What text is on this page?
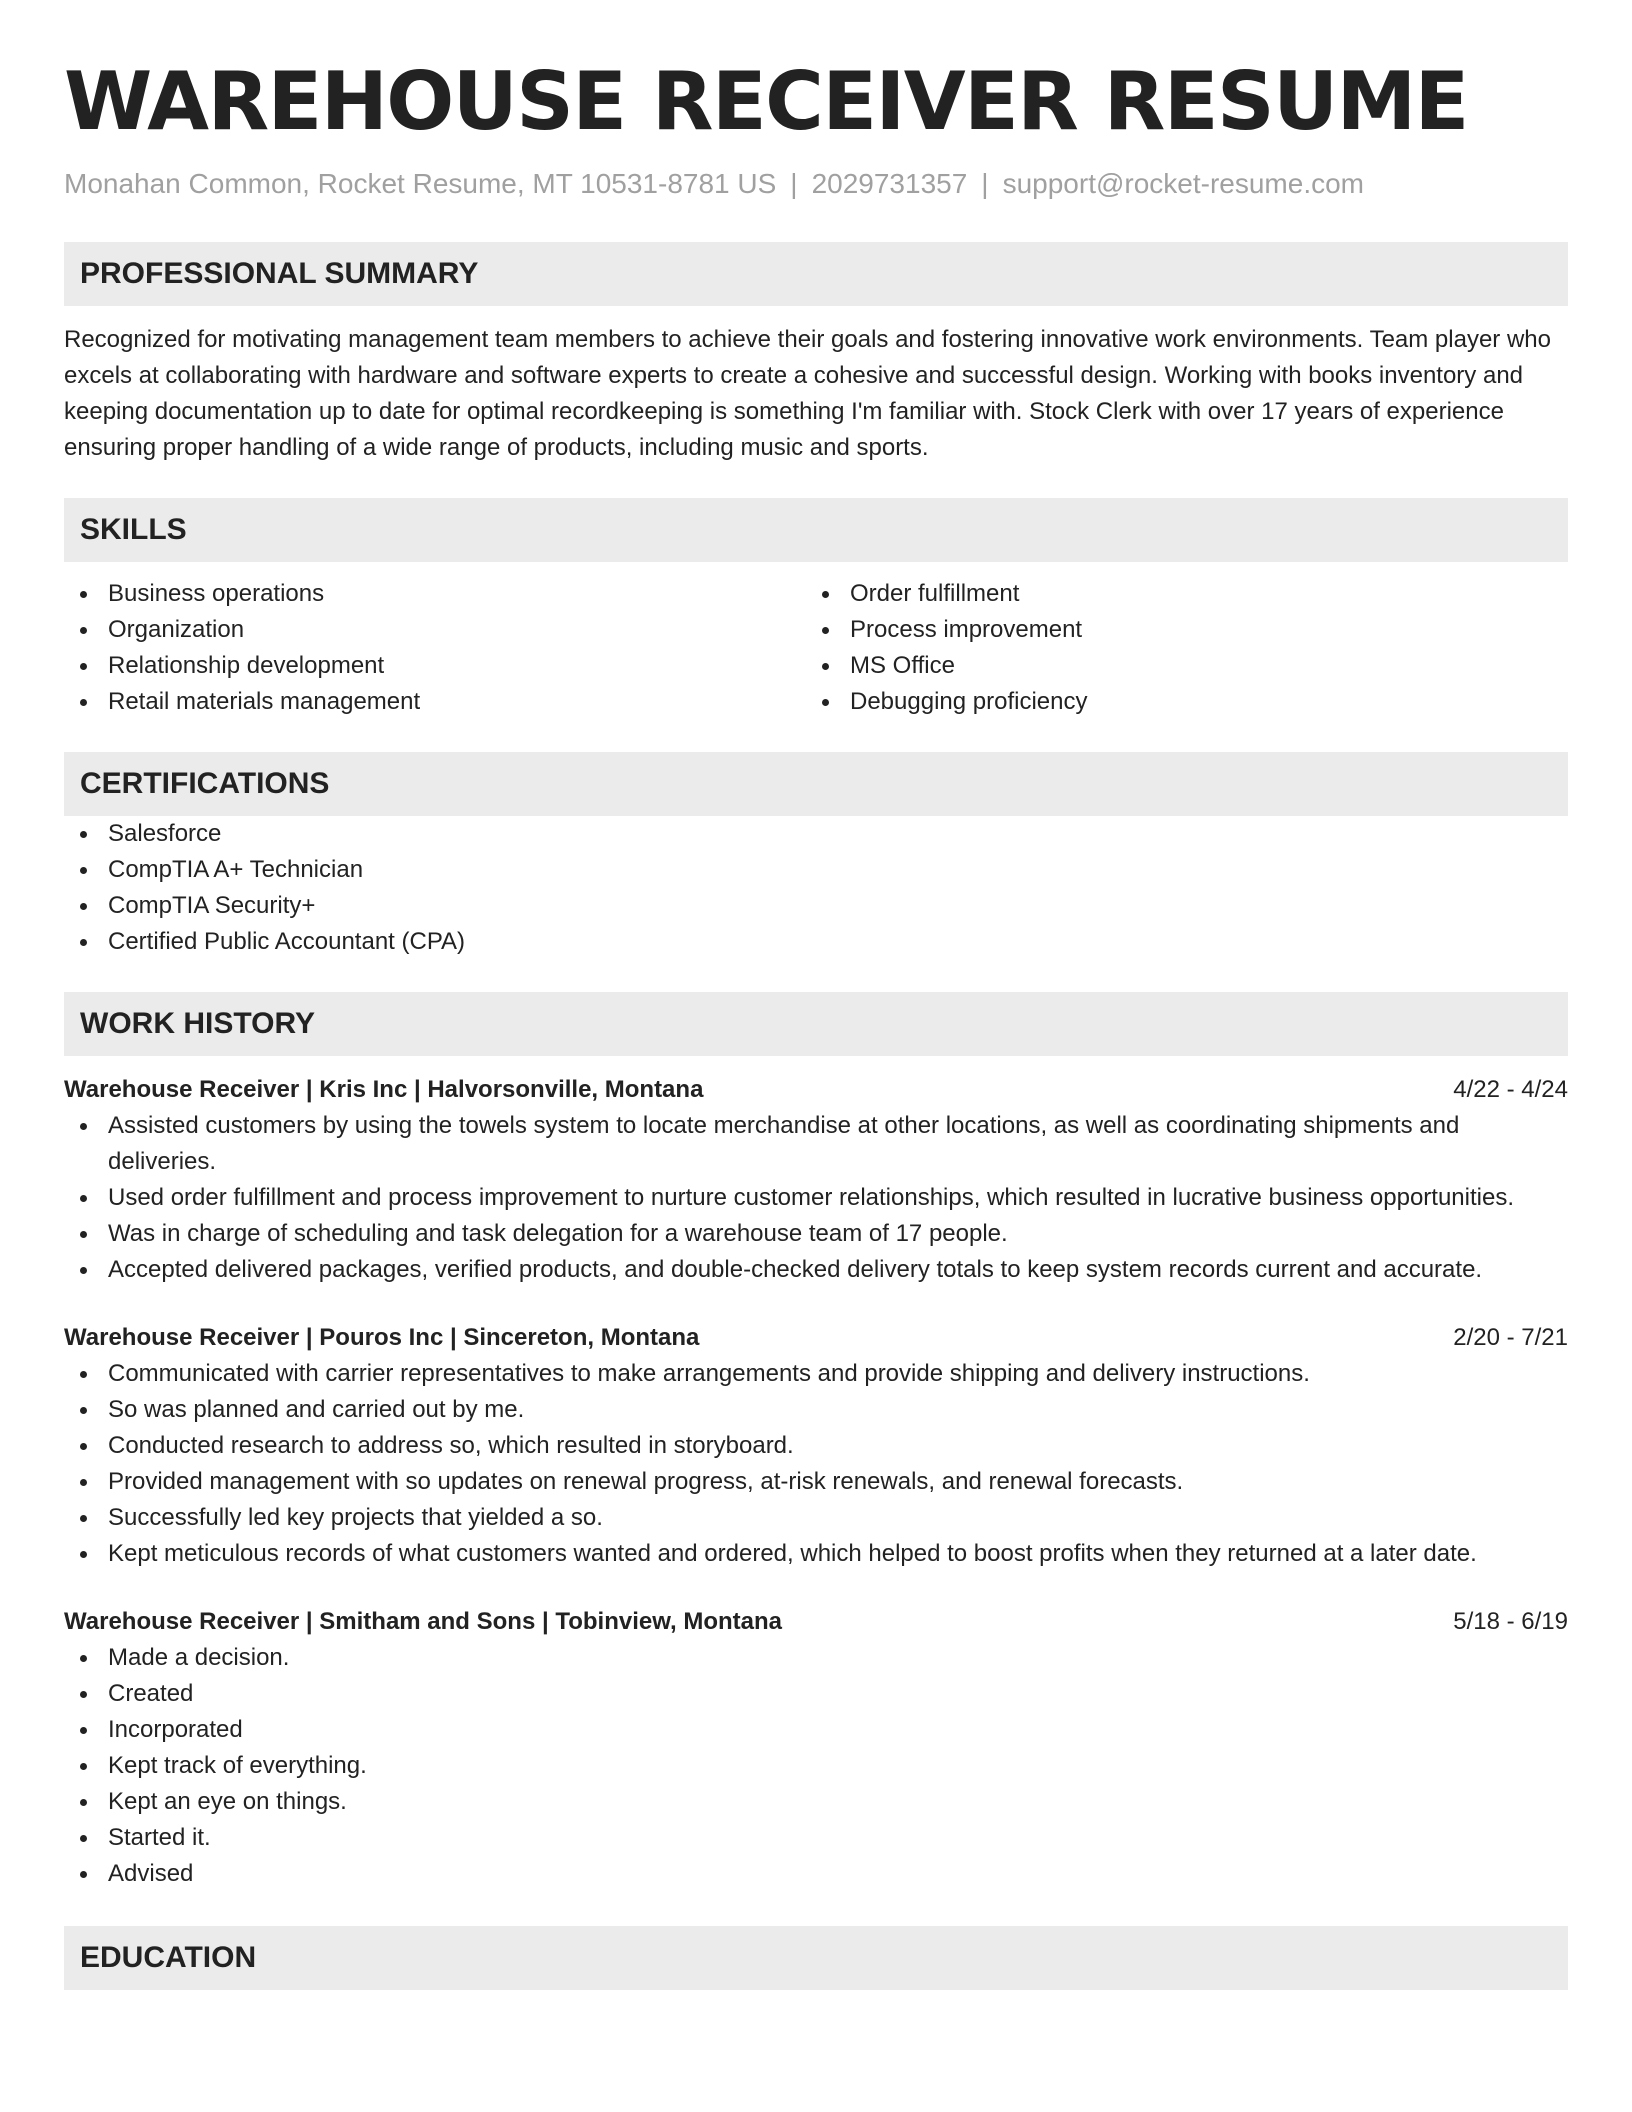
WAREHOUSE RECEIVER RESUME
Monahan Common, Rocket Resume, MT 10531-8781 US | 2029731357 | support@rocket-resume.com
PROFESSIONAL SUMMARY
Recognized for motivating management team members to achieve their goals and fostering innovative work environments. Team player who excels at collaborating with hardware and software experts to create a cohesive and successful design. Working with books inventory and keeping documentation up to date for optimal recordkeeping is something I'm familiar with. Stock Clerk with over 17 years of experience ensuring proper handling of a wide range of products, including music and sports.
SKILLS
Business operations
Organization
Relationship development
Retail materials management
Order fulfillment
Process improvement
MS Office
Debugging proficiency
CERTIFICATIONS
Salesforce
CompTIA A+ Technician
CompTIA Security+
Certified Public Accountant (CPA)
WORK HISTORY
Warehouse Receiver | Kris Inc | Halvorsonville, Montana	4/22 - 4/24
Assisted customers by using the towels system to locate merchandise at other locations, as well as coordinating shipments and deliveries.
Used order fulfillment and process improvement to nurture customer relationships, which resulted in lucrative business opportunities.
Was in charge of scheduling and task delegation for a warehouse team of 17 people.
Accepted delivered packages, verified products, and double-checked delivery totals to keep system records current and accurate.
Warehouse Receiver | Pouros Inc | Sincereton, Montana	2/20 - 7/21
Communicated with carrier representatives to make arrangements and provide shipping and delivery instructions.
So was planned and carried out by me.
Conducted research to address so, which resulted in storyboard.
Provided management with so updates on renewal progress, at-risk renewals, and renewal forecasts.
Successfully led key projects that yielded a so.
Kept meticulous records of what customers wanted and ordered, which helped to boost profits when they returned at a later date.
Warehouse Receiver | Smitham and Sons | Tobinview, Montana	5/18 - 6/19
Made a decision.
Created
Incorporated
Kept track of everything.
Kept an eye on things.
Started it.
Advised
EDUCATION
